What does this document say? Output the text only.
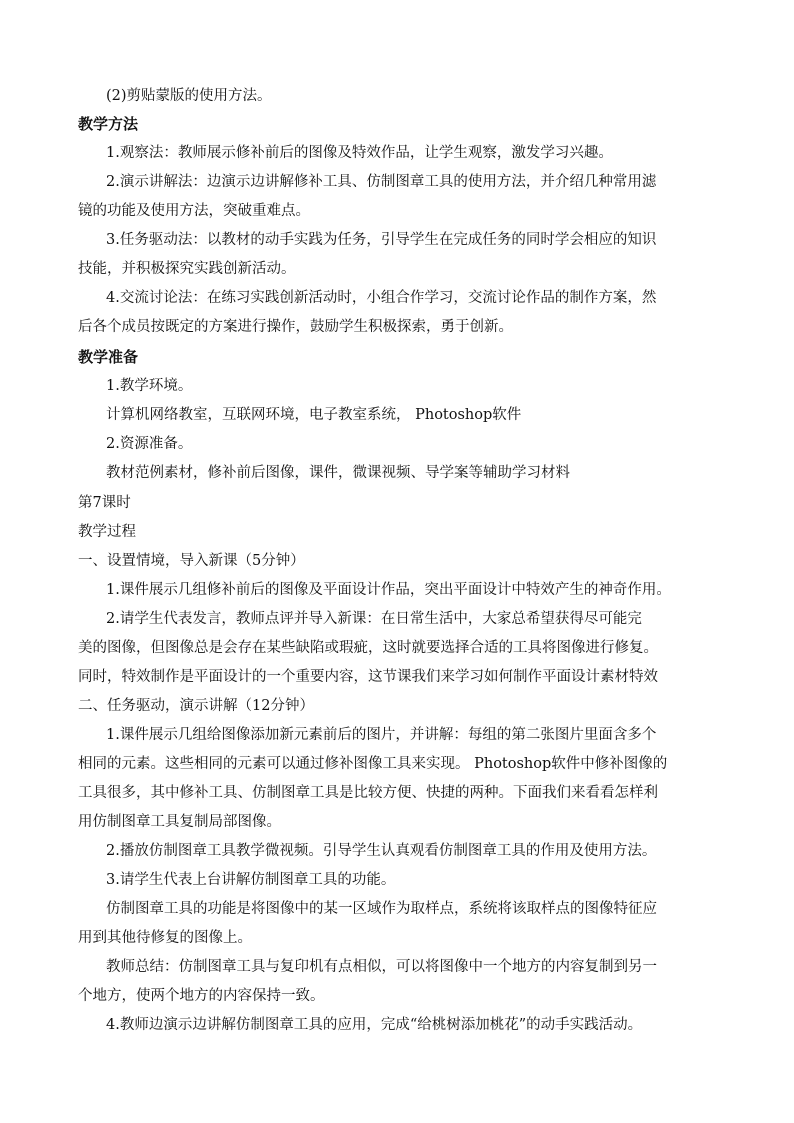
(2)剪贴蒙版的使用方法。
教学方法
1.观察法：教师展示修补前后的图像及特效作品，让学生观察，激发学习兴趣。
2.演示讲解法：边演示边讲解修补工具、仿制图章工具的使用方法，并介绍几种常用滤
镜的功能及使用方法，突破重难点。
3.任务驱动法：以教材的动手实践为任务，引导学生在完成任务的同时学会相应的知识
技能，并积极探究实践创新活动。
4.交流讨论法：在练习实践创新活动时，小组合作学习，交流讨论作品的制作方案，然
后各个成员按既定的方案进行操作，鼓励学生积极探索，勇于创新。
教学准备
1.教学环境。
计算机网络教室，互联网环境，电子教室系统， Photoshop软件
2.资源准备。
教材范例素材，修补前后图像，课件，微课视频、导学案等辅助学习材料
第7课时
教学过程
一、设置情境，导入新课（5分钟）
1.课件展示几组修补前后的图像及平面设计作品，突出平面设计中特效产生的神奇作用。
2.请学生代表发言，教师点评并导入新课：在日常生活中，大家总希望获得尽可能完
美的图像，但图像总是会存在某些缺陷或瑕疵，这时就要选择合适的工具将图像进行修复。
同时，特效制作是平面设计的一个重要内容，这节课我们来学习如何制作平面设计素材特效
二、任务驱动，演示讲解（12分钟）
1.课件展示几组给图像添加新元素前后的图片，并讲解：每组的第二张图片里面含多个
相同的元素。这些相同的元素可以通过修补图像工具来实现。 Photoshop软件中修补图像的
工具很多，其中修补工具、仿制图章工具是比较方便、快捷的两种。下面我们来看看怎样利
用仿制图章工具复制局部图像。
2.播放仿制图章工具教学微视频。引导学生认真观看仿制图章工具的作用及使用方法。
3.请学生代表上台讲解仿制图章工具的功能。
仿制图章工具的功能是将图像中的某一区域作为取样点，系统将该取样点的图像特征应
用到其他待修复的图像上。
教师总结：仿制图章工具与复印机有点相似，可以将图像中一个地方的内容复制到另一
个地方，使两个地方的内容保持一致。
4.教师边演示边讲解仿制图章工具的应用，完成“给桃树添加桃花”的动手实践活动。
